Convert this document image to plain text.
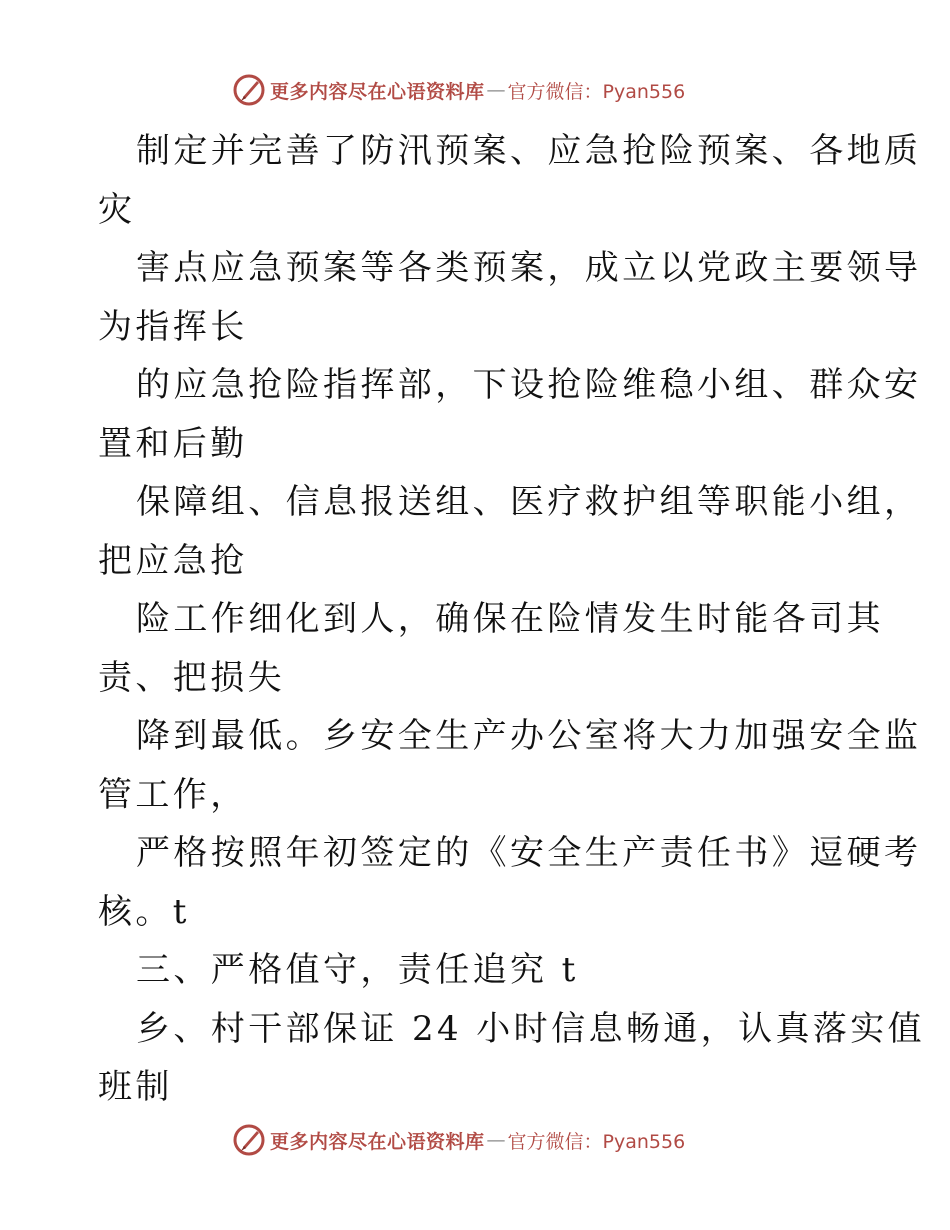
更多内容尽在心语资料库 — 官方微信：Pyan556
制定并完善了防汛预案、应急抢险预案、各地质
灾
害点应急预案等各类预案，成立以党政主要领导
为指挥长
的应急抢险指挥部，下设抢险维稳小组、群众安
置和后勤
保障组、信息报送组、医疗救护组等职能小组，
把应急抢
险工作细化到人，确保在险情发生时能各司其
责、把损失
降到最低。乡安全生产办公室将大力加强安全监
管工作，
严格按照年初签定的《安全生产责任书》逗硬考
核。t
三、严格值守，责任追究 t
乡、村干部保证 24 小时信息畅通，认真落实值
班制
更多内容尽在心语资料库 — 官方微信：Pyan556
